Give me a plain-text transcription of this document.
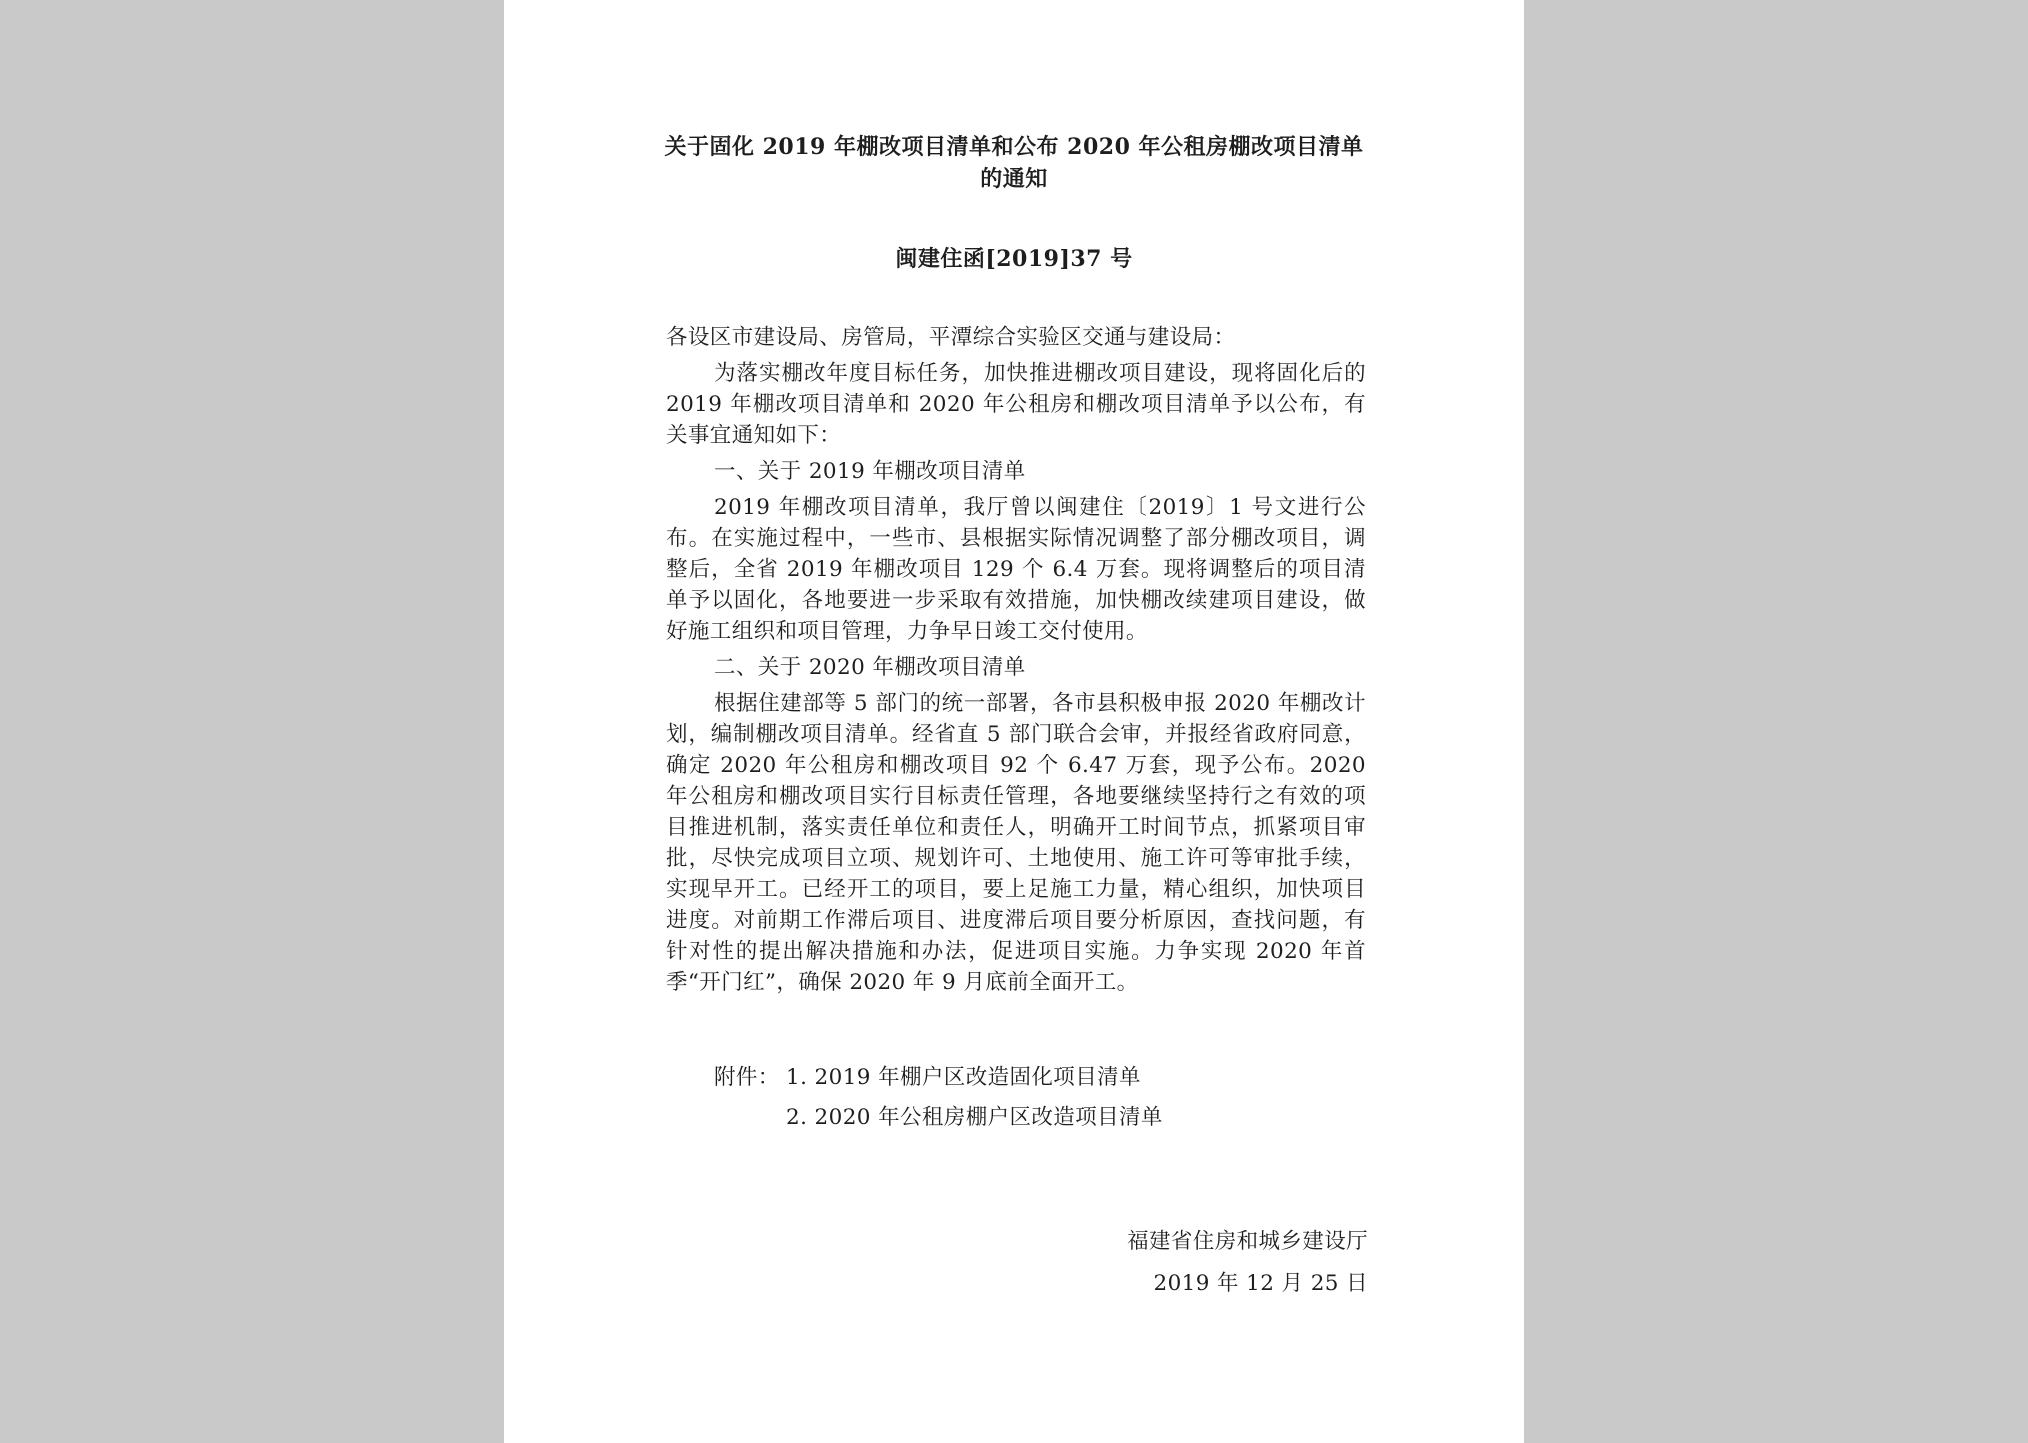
关于固化 2019 年棚改项目清单和公布 2020 年公租房棚改项目清单
的通知
闽建住函[2019]37 号

各设区市建设局、房管局，平潭综合实验区交通与建设局：

为落实棚改年度目标任务，加快推进棚改项目建设，现将固化后的 2019 年棚改项目清单和 2020 年公租房和棚改项目清单予以公布，有关事宜通知如下：

一、关于 2019 年棚改项目清单

2019 年棚改项目清单，我厅曾以闽建住〔2019〕1 号文进行公布。在实施过程中，一些市、县根据实际情况调整了部分棚改项目，调整后，全省 2019 年棚改项目 129 个 6.4 万套。现将调整后的项目清单予以固化，各地要进一步采取有效措施，加快棚改续建项目建设，做好施工组织和项目管理，力争早日竣工交付使用。

二、关于 2020 年棚改项目清单

根据住建部等 5 部门的统一部署，各市县积极申报 2020 年棚改计划，编制棚改项目清单。经省直 5 部门联合会审，并报经省政府同意，确定 2020 年公租房和棚改项目 92 个 6.47 万套，现予公布。2020 年公租房和棚改项目实行目标责任管理，各地要继续坚持行之有效的项目推进机制，落实责任单位和责任人，明确开工时间节点，抓紧项目审批，尽快完成项目立项、规划许可、土地使用、施工许可等审批手续，实现早开工。已经开工的项目，要上足施工力量，精心组织，加快项目进度。对前期工作滞后项目、进度滞后项目要分析原因，查找问题，有针对性的提出解决措施和办法，促进项目实施。力争实现 2020 年首季“开门红”，确保 2020 年 9 月底前全面开工。

附件： 1. 2019 年棚户区改造固化项目清单
2. 2020 年公租房棚户区改造项目清单
福建省住房和城乡建设厅
2019 年 12 月 25 日
